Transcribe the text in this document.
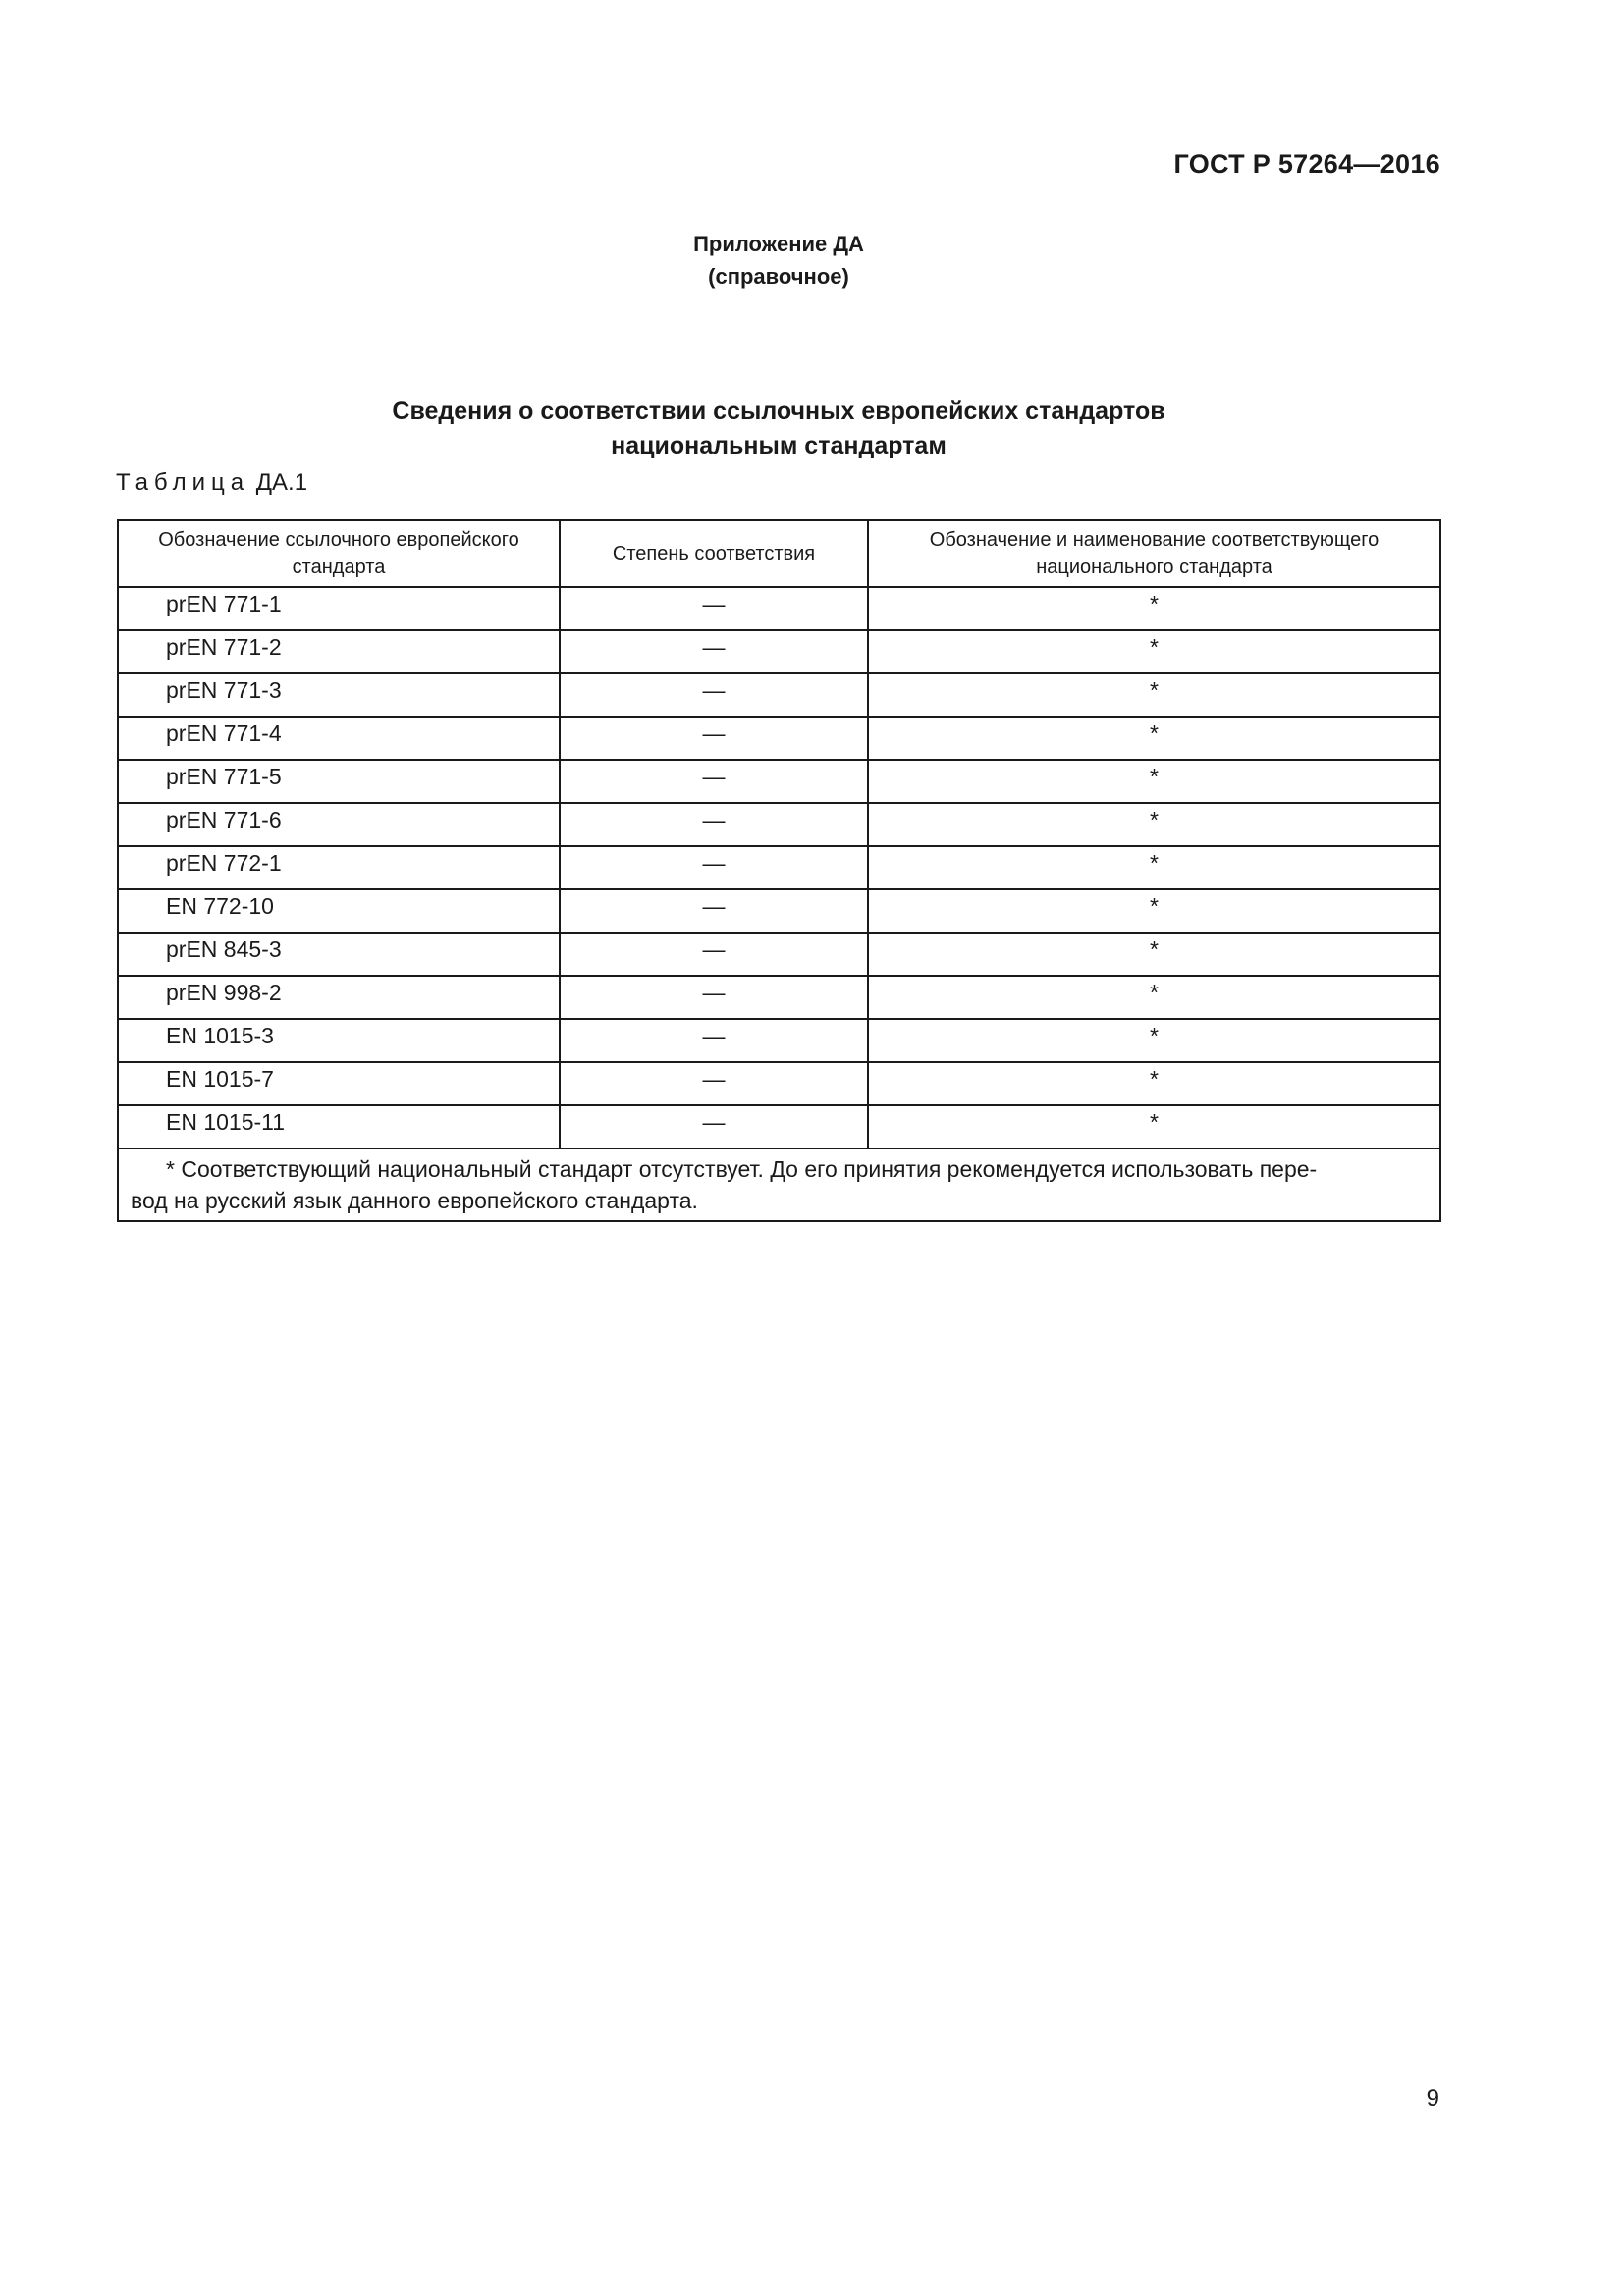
ГОСТ Р 57264—2016
Приложение ДА
(справочное)
Сведения о соответствии ссылочных европейских стандартов
национальным стандартам
Таблица ДА.1
Обозначение ссылочного европейского стандарта	Степень соответствия	Обозначение и наименование соответствующего национального стандарта
prEN 771-1	—	*
prEN 771-2	—	*
prEN 771-3	—	*
prEN 771-4	—	*
prEN 771-5	—	*
prEN 771-6	—	*
prEN 772-1	—	*
EN 772-10	—	*
prEN 845-3	—	*
prEN 998-2	—	*
EN 1015-3	—	*
EN 1015-7	—	*
EN 1015-11	—	*

* Соответствующий национальный стандарт отсутствует. До его принятия рекомендуется использовать пере-
вод на русский язык данного европейского стандарта.		
9
